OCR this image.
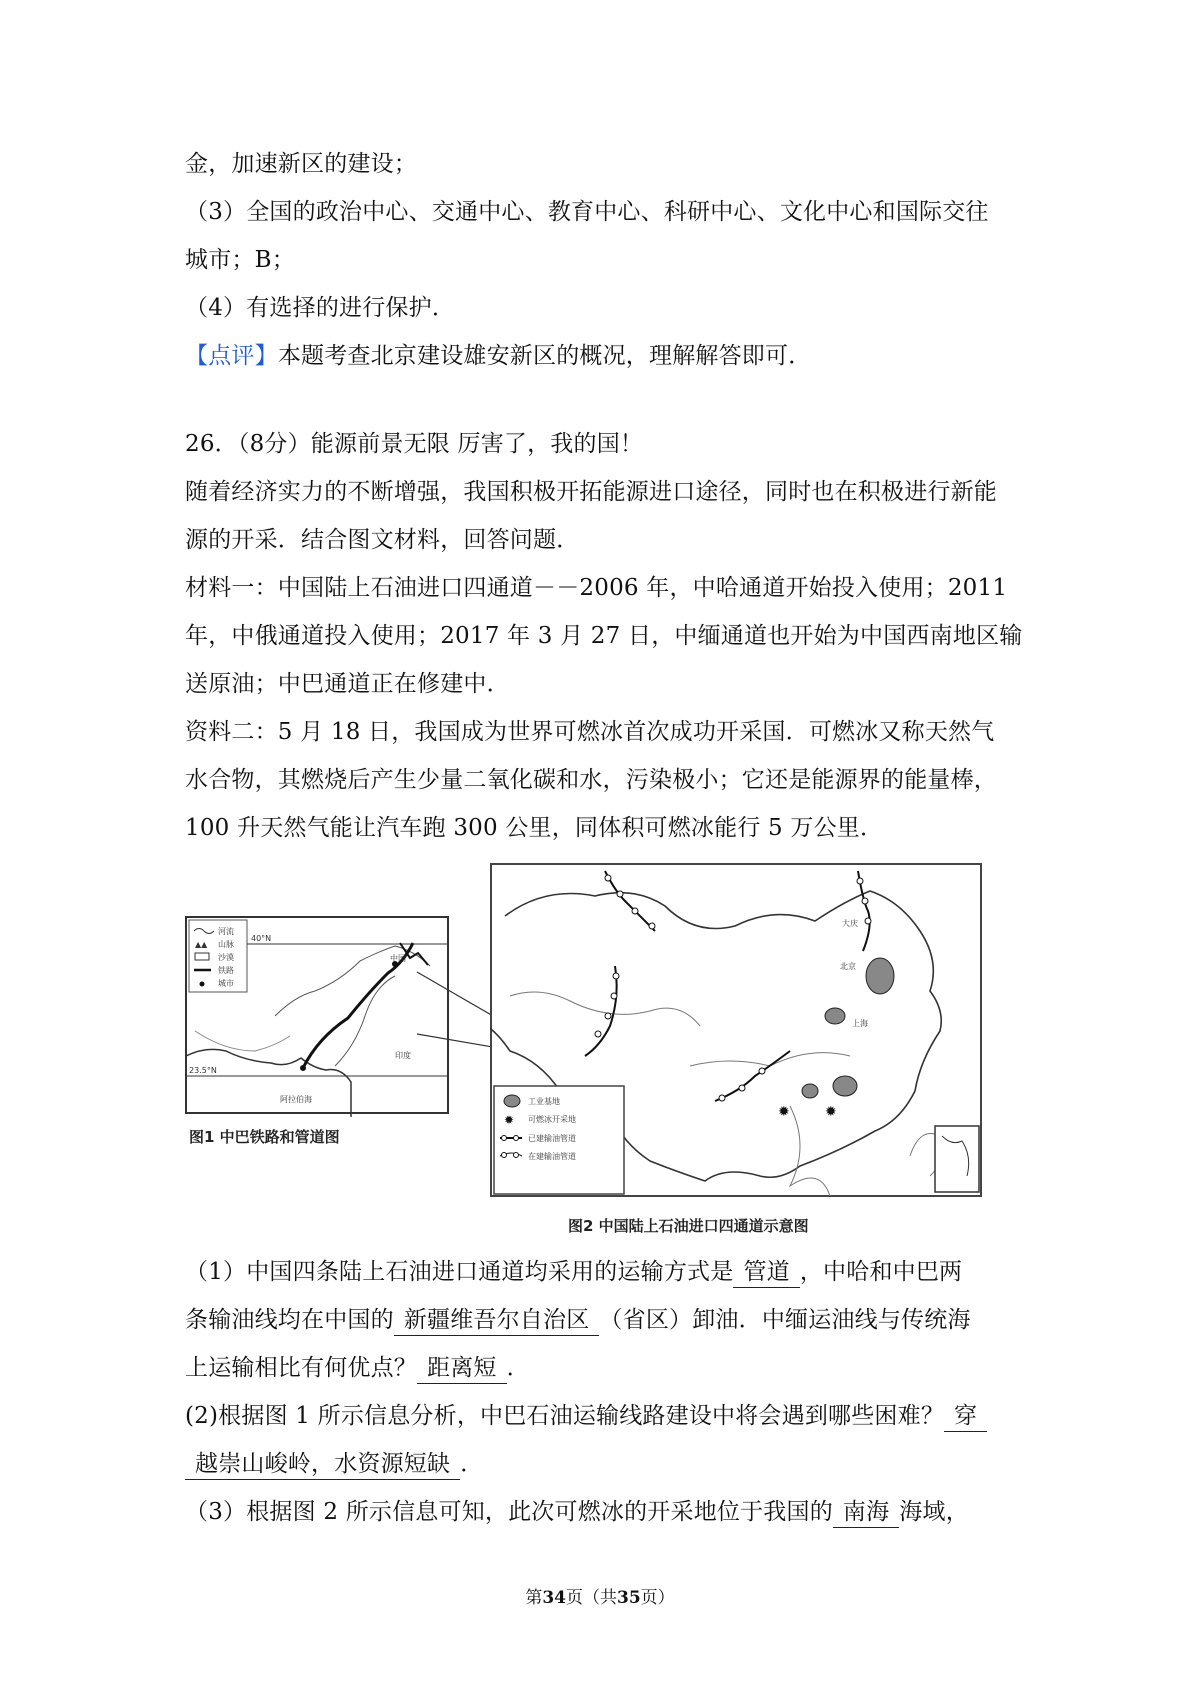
金，加速新区的建设；
（3）全国的政治中心、交通中心、教育中心、科研中心、文化中心和国际交往
城市；B；
（4）有选择的进行保护．
【点评】本题考查北京建设雄安新区的概况，理解解答即可．
26．（8分）能源前景无限 厉害了，我的国！
随着经济实力的不断增强，我国积极开拓能源进口途径，同时也在积极进行新能
源的开采．结合图文材料，回答问题．
材料一：中国陆上石油进口四通道－－2006 年，中哈通道开始投入使用；2011
年，中俄通道投入使用；2017 年 3 月 27 日，中缅通道也开始为中国西南地区输
送原油；中巴通道正在修建中．
资料二：5 月 18 日，我国成为世界可燃冰首次成功开采国．可燃冰又称天然气
水合物，其燃烧后产生少量二氧化碳和水，污染极小；它还是能源界的能量棒，
100 升天然气能让汽车跑 300 公里，同体积可燃冰能行 5 万公里．
河流
▲▲ 山脉
沙漠
铁路
城市
40°N
23.5°N
中国
印度
阿拉伯海
图1 中巴铁路和管道图
北京
上海
大庆
✹	✹
工业基地
✹ 可燃冰开采地
已建输油管道
在建输油管道
图2 中国陆上石油进口四通道示意图
（1）中国四条陆上石油进口通道均采用的运输方式是 管道 ，中哈和中巴两
条输油线均在中国的 新疆维吾尔自治区 （省区）卸油．中缅运油线与传统海
上运输相比有何优点？ 距离短 ．
(2)根据图 1 所示信息分析，中巴石油运输线路建设中将会遇到哪些困难？ 穿
越崇山峻岭，水资源短缺 ．
（3）根据图 2 所示信息可知，此次可燃冰的开采地位于我国的 南海 海域，
第34页（共35页）
